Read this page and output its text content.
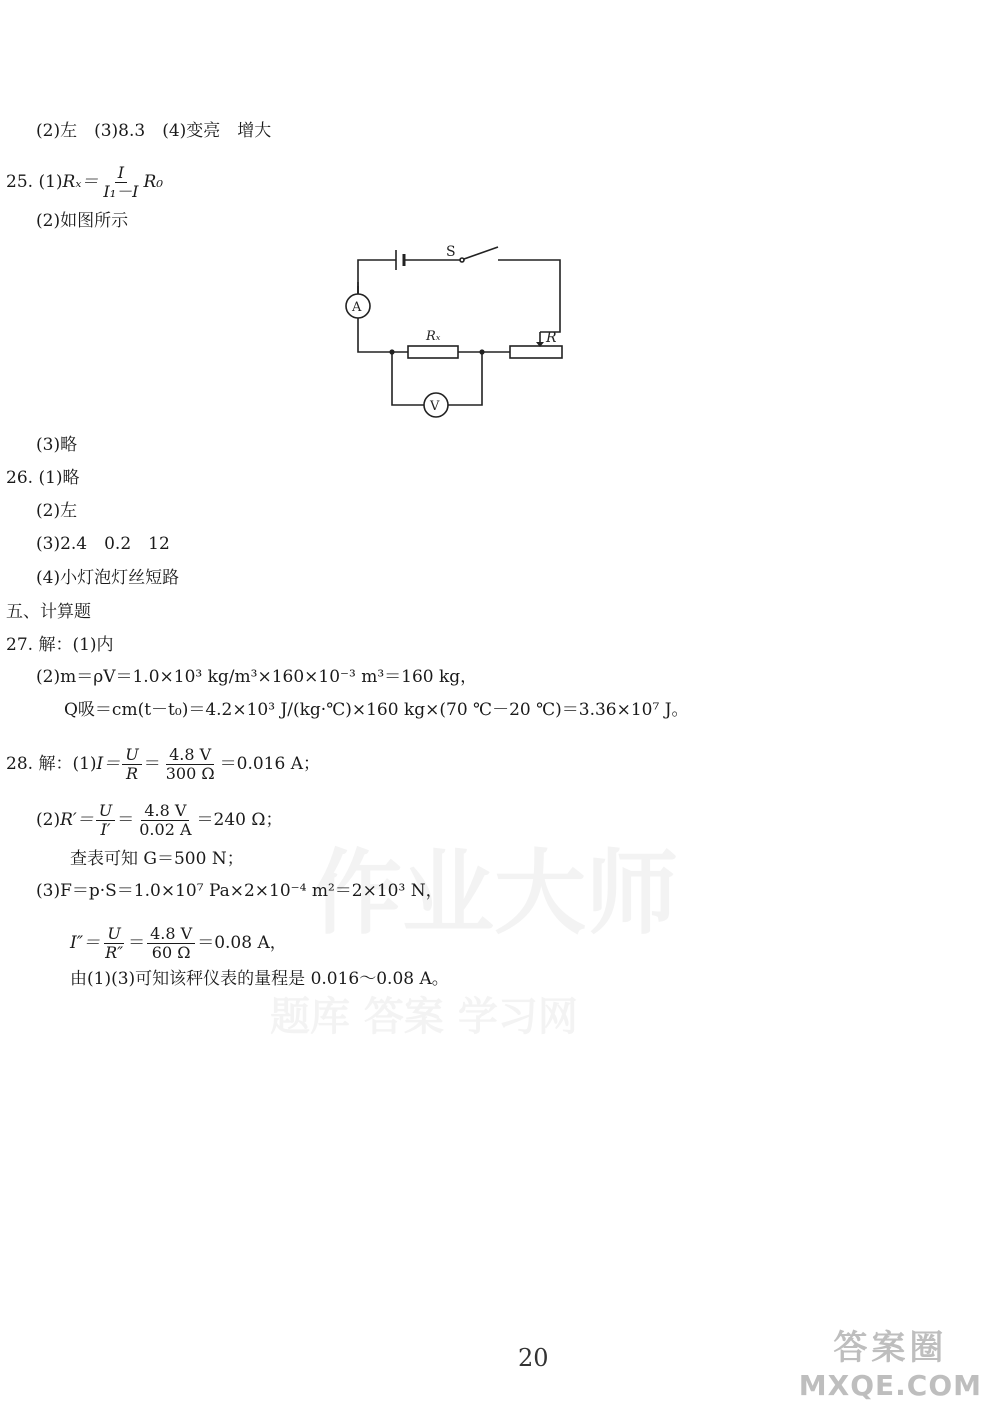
(2)左　(3)8.3　(4)变亮　增大
25. $(1)R_x= \frac{I}{\text{I₁－I}} R_0$
(2)如图所示
S
A
V
Rₓ	R
(3)略
26. (1)略
(2)左
(3)2.4　0.2　12
(4)小灯泡灯丝短路
五、计算题
27. 解：(1)内
(2)m＝ρV＝1.0×10³ kg/m³×160×10⁻³ m³＝160 kg，
Q吸＝cm(t－t₀)＝4.2×10³ J/(kg·℃)×160 kg×(70 ℃－20 ℃)＝3.36×10⁷ J。
28. 解：$(1)I= \frac{U}{R} = \frac{4.8 V}{300 \Omega} =0.016$ A；
$(2)R'= \frac{U}{I'} = \frac{4.8 V}{0.02 A} =240$ Ω；
查表可知 G＝500 N；
(3)F＝p·S＝1.0×10⁷ Pa×2×10⁻⁴ m²＝2×10³ N，
$I''= \frac{U}{R''} = \frac{4.8 V}{60 \Omega} =0.08$ A，
由(1)(3)可知该秤仪表的量程是 0.016～0.08 A。
20	答案圈
MXQE.COM
